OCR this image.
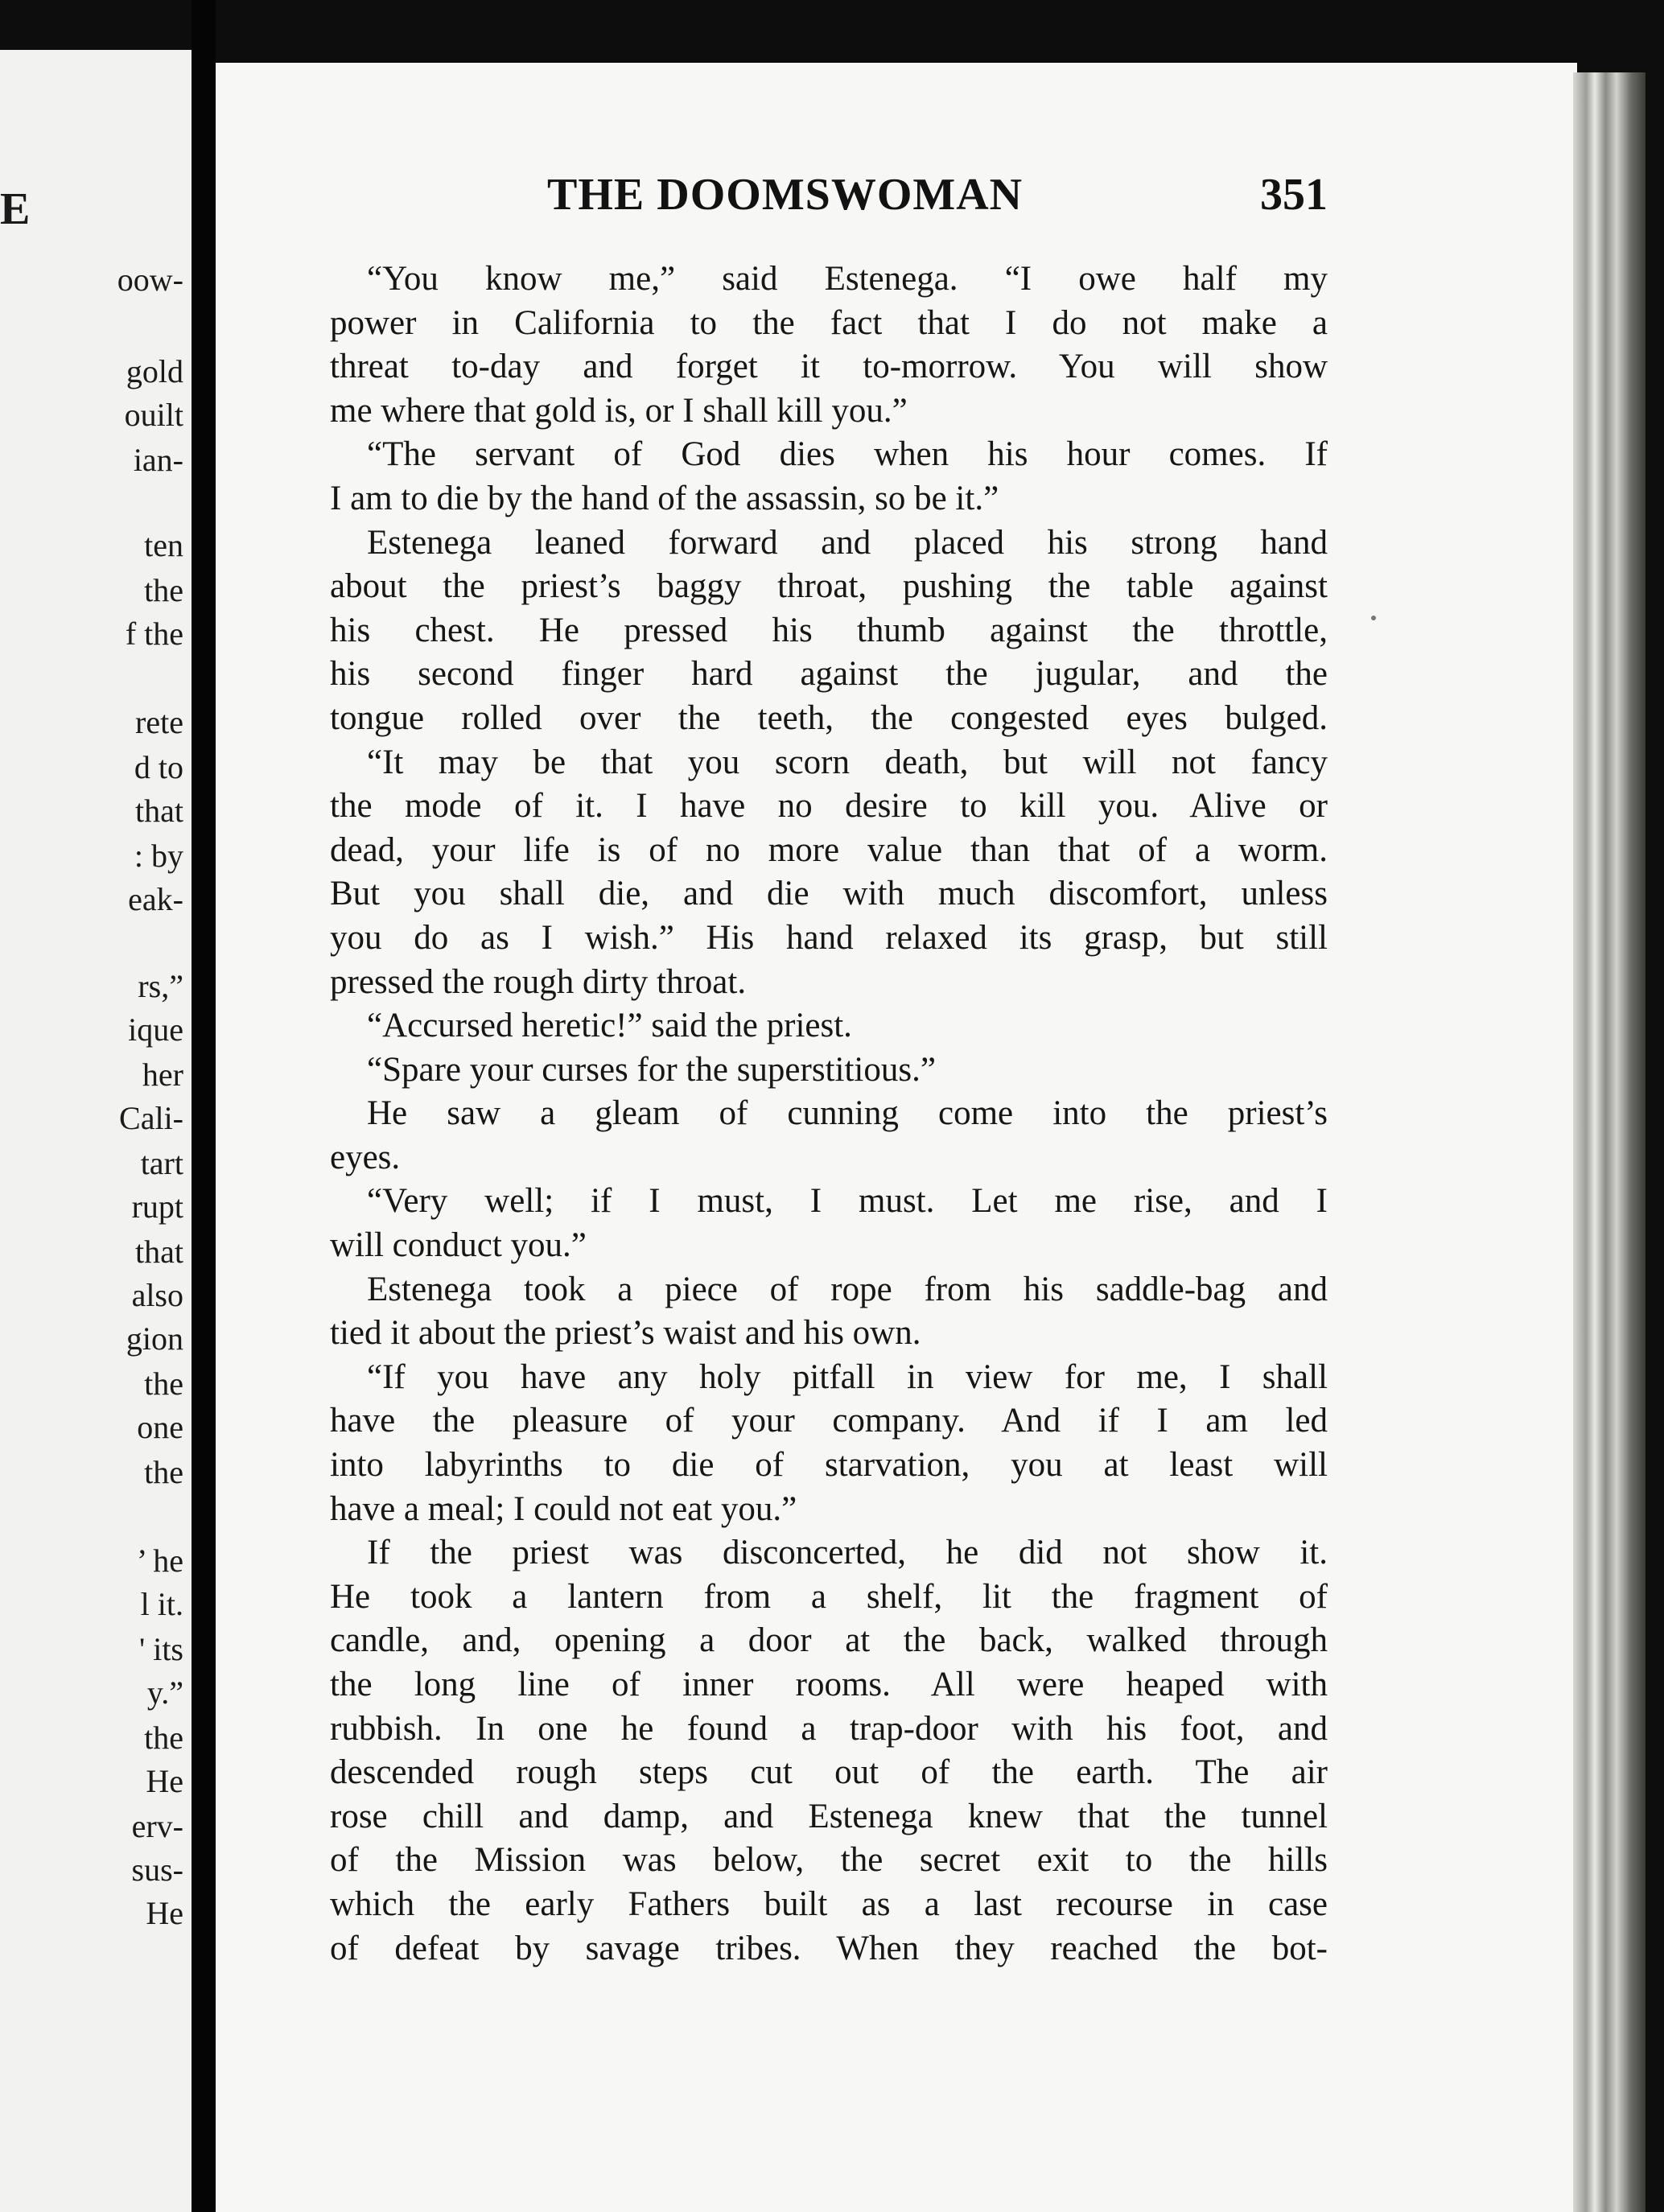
E
oow-
gold
ouilt
ian-
ten
the
f the
rete
d to
that
: by
eak-
rs,”
ique
her
Cali-
tart
rupt
that
also
gion
the
one
the
’ he
l it.
' its
y.”
the
He
erv-
sus-
He
THE DOOMSWOMAN	351
“You know me,” said Estenega. “I owe half my
power in California to the fact that I do not make a
threat to-day and forget it to-morrow. You will show
me where that gold is, or I shall kill you.”
“The servant of God dies when his hour comes. If
I am to die by the hand of the assassin, so be it.”
Estenega leaned forward and placed his strong hand
about the priest’s baggy throat, pushing the table against
his chest. He pressed his thumb against the throttle,
his second finger hard against the jugular, and the
tongue rolled over the teeth, the congested eyes bulged.
“It may be that you scorn death, but will not fancy
the mode of it. I have no desire to kill you. Alive or
dead, your life is of no more value than that of a worm.
But you shall die, and die with much discomfort, unless
you do as I wish.” His hand relaxed its grasp, but still
pressed the rough dirty throat.
“Accursed heretic!” said the priest.
“Spare your curses for the superstitious.”
He saw a gleam of cunning come into the priest’s
eyes.
“Very well; if I must, I must. Let me rise, and I
will conduct you.”
Estenega took a piece of rope from his saddle-bag and
tied it about the priest’s waist and his own.
“If you have any holy pitfall in view for me, I shall
have the pleasure of your company. And if I am led
into labyrinths to die of starvation, you at least will
have a meal; I could not eat you.”
If the priest was disconcerted, he did not show it.
He took a lantern from a shelf, lit the fragment of
candle, and, opening a door at the back, walked through
the long line of inner rooms. All were heaped with
rubbish. In one he found a trap-door with his foot, and
descended rough steps cut out of the earth. The air
rose chill and damp, and Estenega knew that the tunnel
of the Mission was below, the secret exit to the hills
which the early Fathers built as a last recourse in case
of defeat by savage tribes. When they reached the bot-
